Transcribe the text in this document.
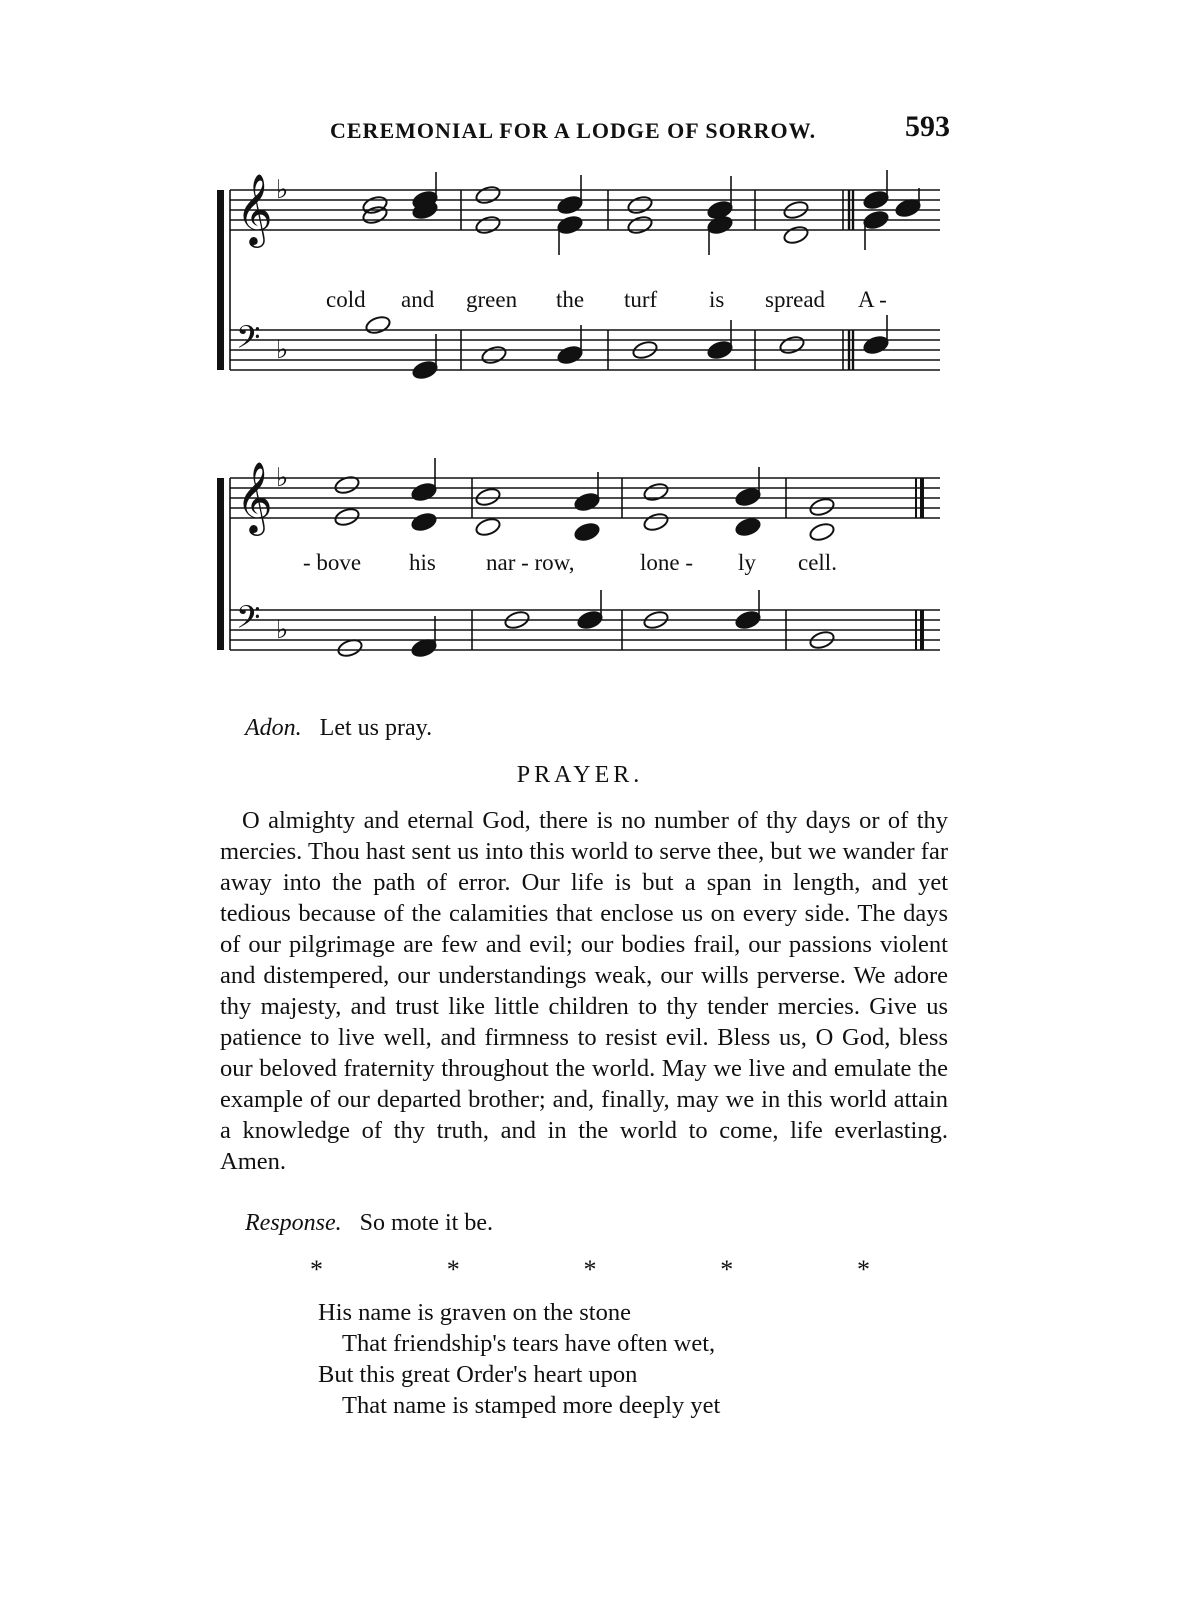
CEREMONIAL FOR A LODGE OF SORROW.	593
𝄞 ♭
𝄢 ♭
𝄞 ♭
𝄢 ♭
cold and green the turf is spread A -
- bove his nar - row,	lone - ly cell.
Adon. Let us pray.
PRAYER.

O almighty and eternal God, there is no number of thy days or of thy mercies. Thou hast sent us into this world to serve thee, but we wander far away into the path of error. Our life is but a span in length, and yet tedious because of the calamities that enclose us on every side. The days of our pilgrimage are few and evil; our bodies frail, our passions violent and distempered, our understandings weak, our wills perverse. We adore thy majesty, and trust like little children to thy tender mercies. Give us patience to live well, and firmness to resist evil. Bless us, O God, bless our beloved fraternity throughout the world. May we live and emulate the example of our departed brother; and, finally, may we in this world attain a knowledge of thy truth, and in the world to come, life everlasting. Amen.

Response. So mote it be.
*	*	*	*	*
His name is graven on the stone
That friendship's tears have often wet,
But this great Order's heart upon
That name is stamped more deeply yet
